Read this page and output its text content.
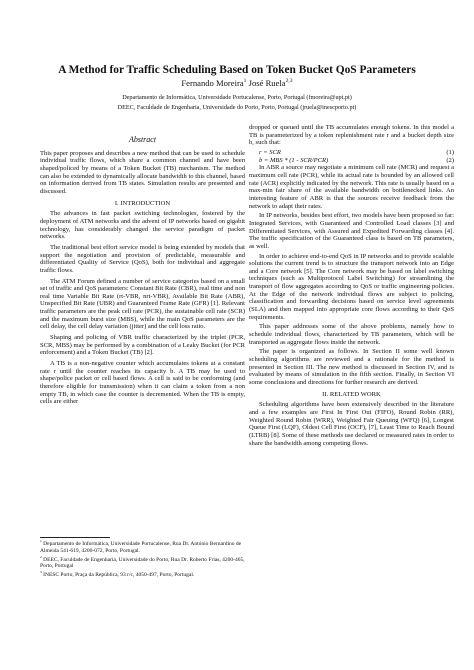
A Method for Traffic Scheduling Based on Token Bucket QoS Parameters
Fernando Moreira$^1$ José Ruela$^{2,3}$
Departamento de Informática, Universidade Portucalense, Porto, Portugal (fmoreira@upt.pt)
DEEC, Faculdade de Engenharia, Universidade do Porto, Porto, Portugal (jruela@inescporto.pt)
Abstract

This paper proposes and describes a new method that can be used to schedule individual traffic flows, which share a common channel and have been shaped/policed by means of a Token Bucket (TB) mechanism. The method can also be extended to dynamically allocate bandwidth to this channel, based on information derived from TB states. Simulation results are presented and discussed.

I. INTRODUCTION

The advances in fast packet switching technologies, fostered by the deployment of ATM networks and the advent of IP networks based on gigabit technology, has considerably changed the service paradigm of packet networks.

The traditional best effort service model is being extended by models that support the negotiation and provision of predictable, measurable and differentiated Quality of Service (QoS), both for individual and aggregate traffic flows.

The ATM Forum defined a number of service categories based on a small set of traffic and QoS parameters: Constant Bit Rate (CBR), real time and non real time Variable Bit Rate (rt-VBR, nrt-VBR), Available Bit Rate (ABR), Unspecified Bit Rate (UBR) and Guaranteed Frame Rate (GFR) [1]. Relevant traffic parameters are the peak cell rate (PCR), the sustainable cell rate (SCR) and the maximum burst size (MBS), while the main QoS parameters are the cell delay, the cell delay variation (jitter) and the cell loss ratio.

Shaping and policing of VBR traffic characterized by the triplet (PCR, SCR, MBS) may be performed by a combination of a Leaky Bucket (for PCR enforcement) and a Token Bucket (TB) [2].

A TB is a non-negative counter which accumulates tokens at a constant rate r until the counter reaches its capacity b. A TB may be used to shape/police packet or cell based flows. A cell is said to be conforming (and therefore eligible for transmission) when it can claim a token from a non empty TB, in which case the counter is decremented. When the TB is empty, cells are either

$^1$ Departamento de Informática, Universidade Portucalense, Rua Dr. António Bernardino de Almeida 541-619, 4200-072, Porto, Portugal.
$^2$ DEEC, Faculdade de Engenharia, Universidade do Porto, Rua Dr. Roberto Frias, 4200-465, Porto, Portugal
$^3$ INESC Porto, Praça da República, 93 r/c, 4050-497, Porto, Portugal.

dropped or queued until the TB accumulates enough tokens. In this model a TB is parameterized by a token replenishment rate r and a bucket depth size b, such that:

r = SCR	(1)
b = MBS * (1 - SCR/PCR)	(2)

In ABR a source may negotiate a minimum cell rate (MCR) and request a maximum cell rate (PCR), while its actual rate is bounded by an allowed cell rate (ACR) explicitly indicated by the network. This rate is usually based on a max-min fair share of the available bandwidth on bottlenecked links. An interesting feature of ABR is that the sources receive feedback from the network to adapt their rates.

In IP networks, besides best effort, two models have been proposed so far: Integrated Services, with Guaranteed and Controlled Load classes [3] and Differentiated Services, with Assured and Expedited Forwarding classes [4]. The traffic specification of the Guaranteed class is based on TB parameters, as well.

In order to achieve end-to-end QoS in IP networks and to provide scalable solutions the current trend is to structure the transport network into an Edge and a Core network [5]. The Core network may be based on label switching techniques (such as Multiprotocol Label Switching) for streamlining the transport of flow aggregates according to QoS or traffic engineering policies. At the Edge of the network individual flows are subject to policing, classification and forwarding decisions based on service level agreements (SLA) and then mapped into appropriate core flows according to their QoS requirements.

This paper addresses some of the above problems, namely how to schedule individual flows, characterized by TB parameters, which will be transported as aggregate flows inside the network.

The paper is organized as follows. In Section II some well known scheduling algorithms are reviewed and a rationale for the method is presented in Section III. The new method is discussed in Section IV, and is evaluated by means of simulation in the fifth section. Finally, in Section VI some conclusions and directions for further research are derived.

II. RELATED WORK

Scheduling algorithms have been extensively described in the literature and a few examples are First In First Out (FIFO), Round Robin (RR), Weighted Round Robin (WRR), Weighted Fair Queuing (WFQ) [6], Longest Queue First (LQF), Oldest Cell First (OCF), [7], Least Time to Reach Bound (LTRB) [8]. Some of these methods use declared or measured rates in order to share the bandwidth among competing flows.
